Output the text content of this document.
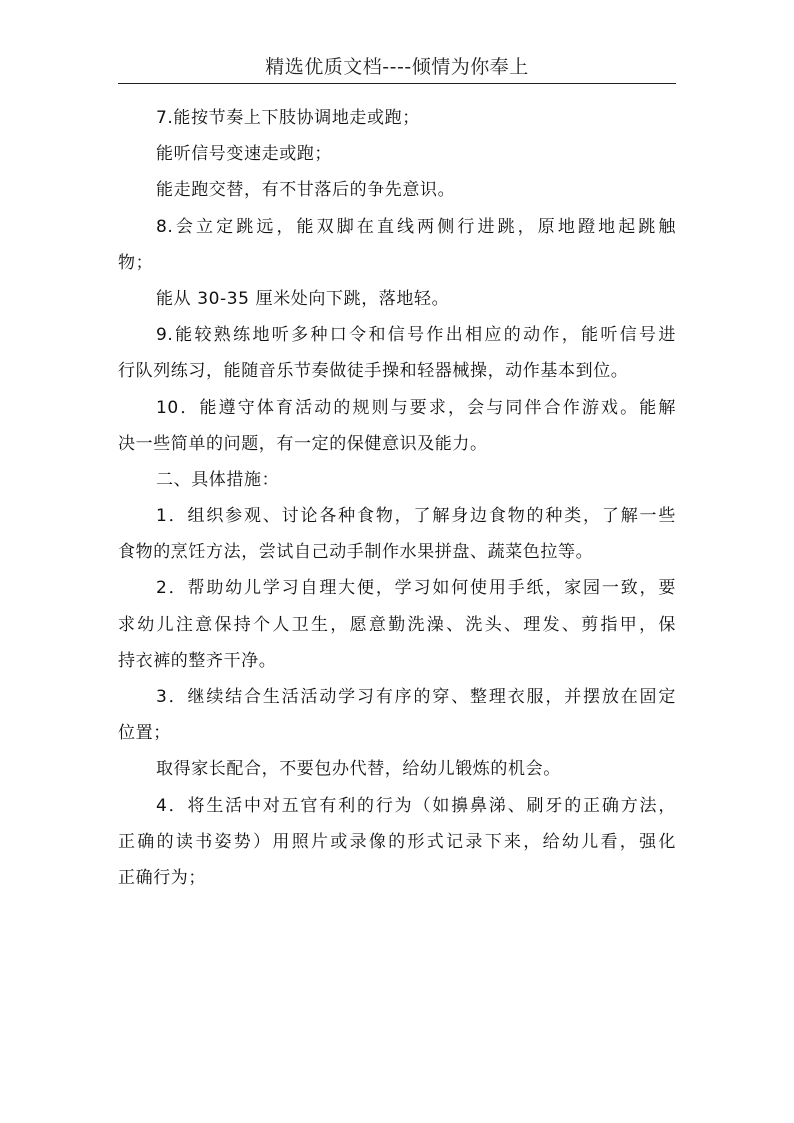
精选优质文档----倾情为你奉上
7.能按节奏上下肢协调地走或跑；
能听信号变速走或跑；
能走跑交替，有不甘落后的争先意识。
8.会立定跳远，能双脚在直线两侧行进跳，原地蹬地起跳触
物；
能从 30-35 厘米处向下跳，落地轻。
9.能较熟练地听多种口令和信号作出相应的动作，能听信号进
行队列练习，能随音乐节奏做徒手操和轻器械操，动作基本到位。
10．能遵守体育活动的规则与要求，会与同伴合作游戏。能解
决一些简单的问题，有一定的保健意识及能力。
二、具体措施：
1．组织参观、讨论各种食物，了解身边食物的种类，了解一些
食物的烹饪方法，尝试自己动手制作水果拼盘、蔬菜色拉等。
2．帮助幼儿学习自理大便，学习如何使用手纸，家园一致，要
求幼儿注意保持个人卫生，愿意勤洗澡、洗头、理发、剪指甲，保
持衣裤的整齐干净。
3．继续结合生活活动学习有序的穿、整理衣服，并摆放在固定
位置；
取得家长配合，不要包办代替，给幼儿锻炼的机会。
4．将生活中对五官有利的行为（如擤鼻涕、刷牙的正确方法，
正确的读书姿势）用照片或录像的形式记录下来，给幼儿看，强化
正确行为；
